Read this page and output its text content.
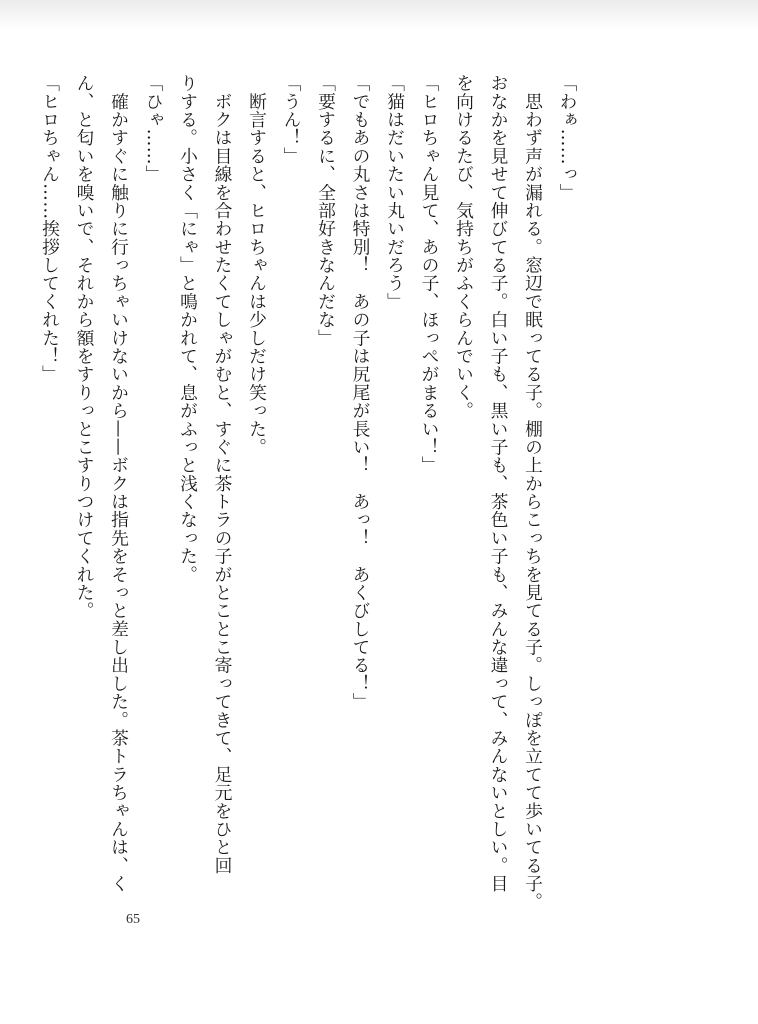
「わぁ……っ」
　思わず声が漏れる。窓辺で眠ってる子。棚の上からこっちを見てる子。しっぽを立てて歩いてる子。
おなかを見せて伸びてる子。白い子も、黒い子も、茶色い子も、みんな違って、みんないとしい。目
を向けるたび、気持ちがふくらんでいく。
「ヒロちゃん見て、あの子、ほっぺがまるい！」
「猫はだいたい丸いだろう」
「でもあの丸さは特別！　あの子は尻尾が長い！　あっ！　あくびしてる！」
「要するに、全部好きなんだな」
「うん！」
　断言すると、ヒロちゃんは少しだけ笑った。
　ボクは目線を合わせたくてしゃがむと、すぐに茶トラの子がとことこ寄ってきて、足元をひと回
りする。小さく「にゃ」と鳴かれて、息がふっと浅くなった。
「ひゃ……」
　確かすぐに触りに行っちゃいけないから——ボクは指先をそっと差し出した。茶トラちゃんは、く
ん、と匂いを嗅いで、それから額をすりっとこすりつけてくれた。
「ヒロちゃん……挨拶してくれた！」
65
